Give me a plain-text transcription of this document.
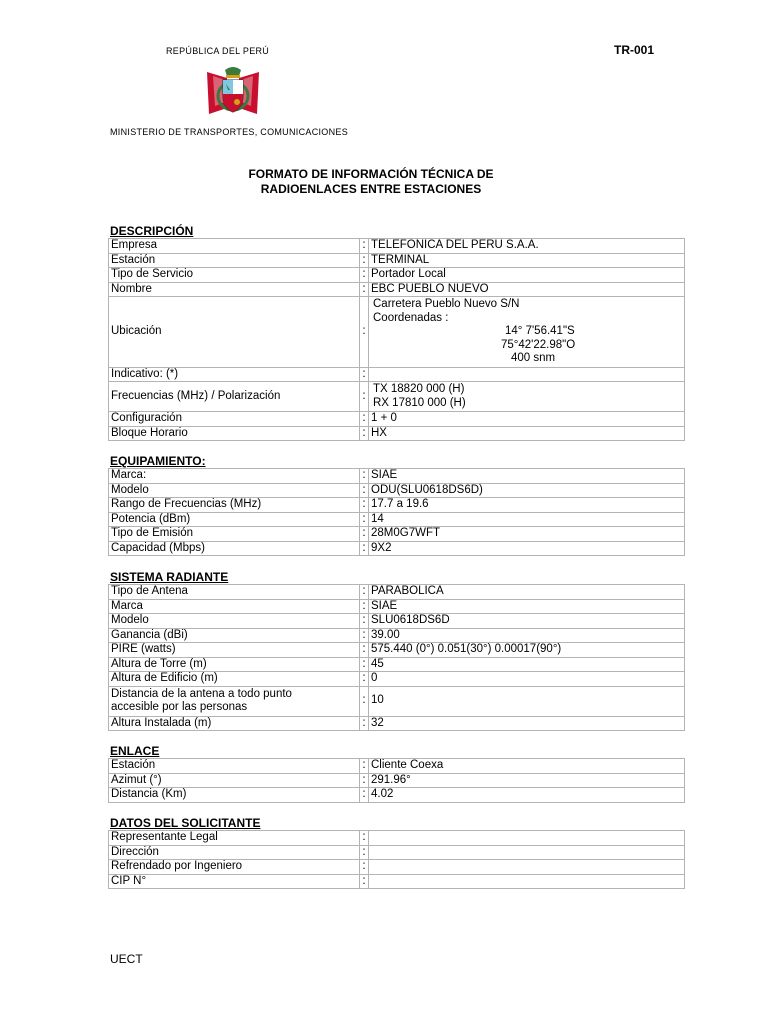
REPÚBLICA DEL PERÚ	TR-001
MINISTERIO DE TRANSPORTES, COMUNICACIONES
FORMATO DE INFORMACIÓN TÉCNICA DE
RADIOENLACES ENTRE ESTACIONES
DESCRIPCIÓN
Empresa	:	TELEFONICA DEL PERU S.A.A.
Estación	:	TERMINAL
Tipo de Servicio	:	Portador Local
Nombre	:	EBC PUEBLO NUEVO
Ubicación	:	Carretera Pueblo Nuevo S/N
Coordenadas :
14° 7'56.41"S
75°42'22.98"O
400 snm

Indicativo: (*)	:	
Frecuencias (MHz) / Polarización	:	TX 18820 000 (H)
RX 17810 000 (H)

Configuración	:	1 + 0
Bloque Horario	:	HX
EQUIPAMIENTO:
Marca:	:	SIAE
Modelo	:	ODU(SLU0618DS6D)
Rango de Frecuencias (MHz)	:	17.7 a 19.6
Potencia (dBm)	:	14
Tipo de Emisión	:	28M0G7WFT
Capacidad (Mbps)	:	9X2
SISTEMA RADIANTE
Tipo de Antena	:	PARABOLICA
Marca	:	SIAE
Modelo	:	SLU0618DS6D
Ganancia (dBi)	:	39.00
PIRE (watts)	:	575.440 (0°) 0.051(30°) 0.00017(90°)
Altura de Torre (m)	:	45
Altura de Edificio (m)	:	0

Distancia de la antena a todo punto
accesible por las personas	:	10
Altura Instalada (m)	:	32
ENLACE
Estación	:	Cliente Coexa
Azimut (°)	:	291.96°
Distancia (Km)	:	4.02
DATOS DEL SOLICITANTE
Representante Legal	:	
Dirección	:	
Refrendado por Ingeniero	:	
CIP N°	:	
UECT
